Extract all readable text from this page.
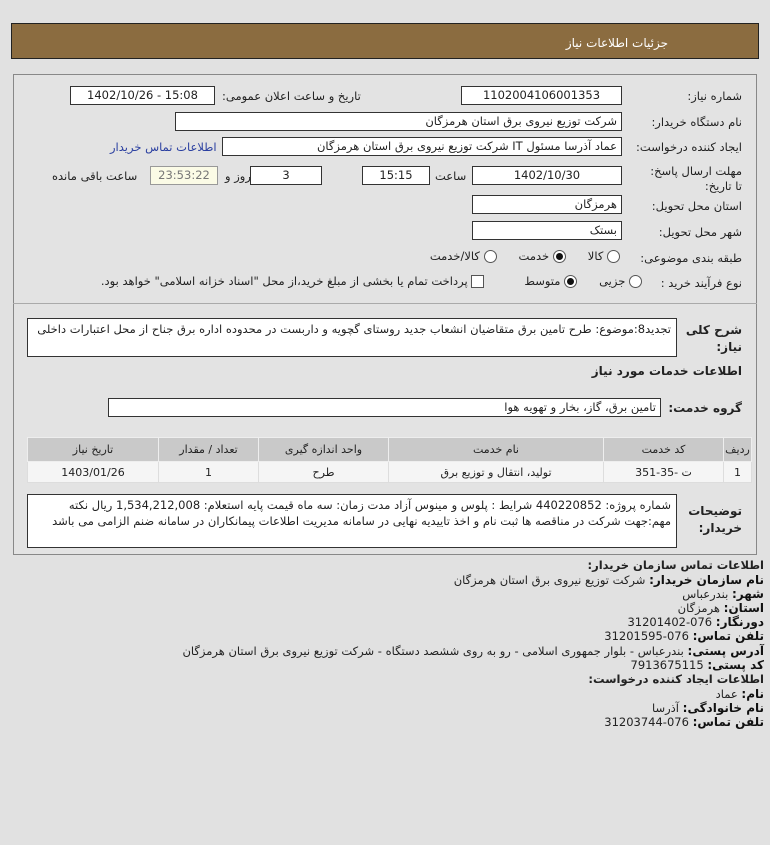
جزئیات اطلاعات نیاز
شماره نیاز:
1102004106001353
تاریخ و ساعت اعلان عمومی:
1402/10/26 - 15:08
نام دستگاه خریدار:
شرکت توزیع نیروی برق استان هرمزگان
ایجاد کننده درخواست:
عماد آذرسا مسئول IT شرکت توزیع نیروی برق استان هرمزگان
اطلاعات تماس خریدار
مهلت ارسال پاسخ: تا تاریخ:
1402/10/30
ساعت
15:15
3
روز و
23:53:22
ساعت باقی مانده
استان محل تحویل:
هرمزگان
شهر محل تحویل:
بستک
طبقه بندی موضوعی:
کالا
خدمت
کالا/خدمت
نوع فرآیند خرید :
جزیی
متوسط
پرداخت تمام یا بخشی از مبلغ خرید،از محل "اسناد خزانه اسلامی" خواهد بود.
شرح کلی نیاز:
تجدید8:موضوع: طرح تامین برق متقاضیان انشعاب جدید روستای گچویه و داربست در محدوده اداره برق جناح از محل اعتبارات داخلی
اطلاعات خدمات مورد نیاز
گروه خدمت:
تامین برق، گاز، بخار و تهویه هوا
ردیف	کد خدمت	نام خدمت	واحد اندازه گیری	تعداد / مقدار	تاریخ نیاز
1	ت -35-351	تولید، انتقال و توزیع برق	طرح	1	1403/01/26
توضیحات خریدار:
شماره پروژه: 440220852 شرایط : پلوس و مینوس آزاد مدت زمان: سه ماه قیمت پایه استعلام: 1,534,212,008 ریال نکته مهم:جهت شرکت در مناقصه ها ثبت نام و اخذ تاییدیه نهایی در سامانه مدیریت اطلاعات پیمانکاران در سامانه ضنم الزامی می باشد
اطلاعات تماس سازمان خریدار:
نام سازمان خریدار: شرکت توزیع نیروی برق استان هرمزگان
شهر: بندرعباس
استان: هرمزگان
دورنگار: 076-31201402
تلفن تماس: 076-31201595
آدرس پستی: بندرعباس - بلوار جمهوری اسلامی - رو به روی ششصد دستگاه - شرکت توزیع نیروی برق استان هرمزگان
کد پستی: 7913675115
اطلاعات ایجاد کننده درخواست:
نام: عماد
نام خانوادگی: آذرسا
تلفن تماس: 076-31203744
